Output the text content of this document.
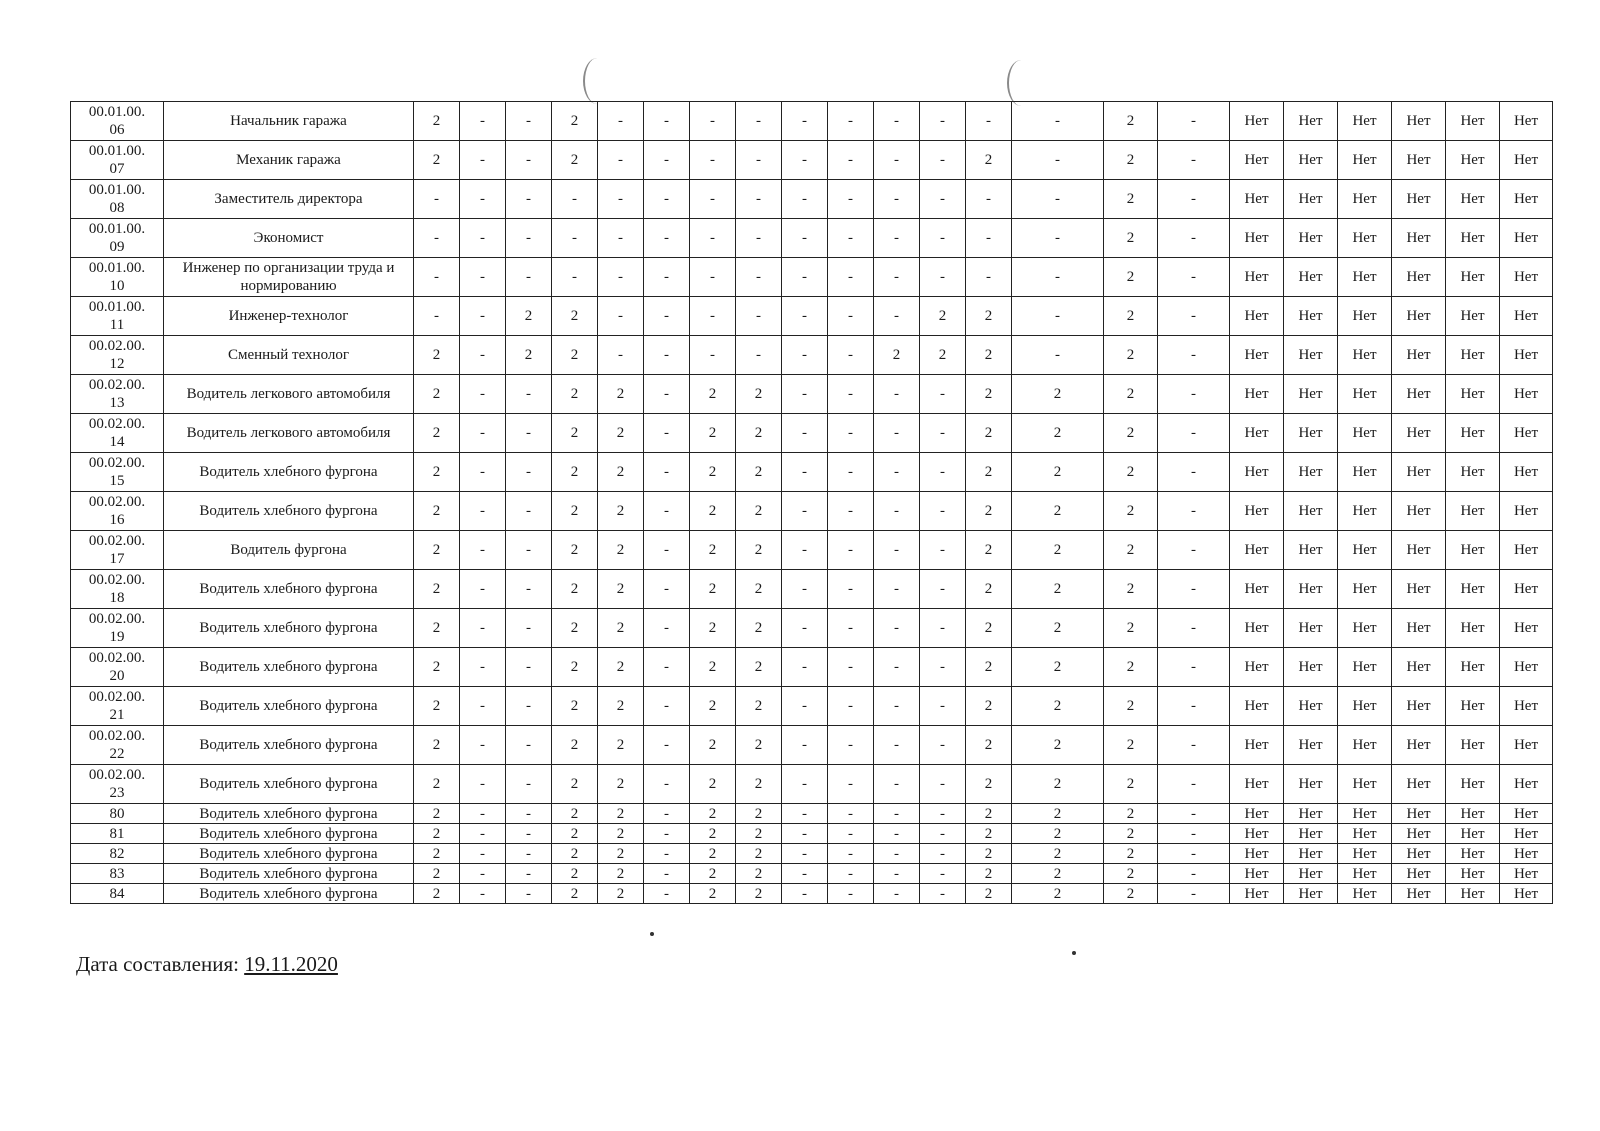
00.01.00.
06	Начальник гаража	2	-	-	2	-	-	-	-	-	-	-	-	-	-	2	-	Нет	Нет	Нет	Нет	Нет	Нет
00.01.00.
07	Механик гаража	2	-	-	2	-	-	-	-	-	-	-	-	2	-	2	-	Нет	Нет	Нет	Нет	Нет	Нет
00.01.00.
08	Заместитель директора	-	-	-	-	-	-	-	-	-	-	-	-	-	-	2	-	Нет	Нет	Нет	Нет	Нет	Нет
00.01.00.
09	Экономист	-	-	-	-	-	-	-	-	-	-	-	-	-	-	2	-	Нет	Нет	Нет	Нет	Нет	Нет
00.01.00.
10	Инженер по организации труда и нормированию	-	-	-	-	-	-	-	-	-	-	-	-	-	-	2	-	Нет	Нет	Нет	Нет	Нет	Нет
00.01.00.
11	Инженер-технолог	-	-	2	2	-	-	-	-	-	-	-	2	2	-	2	-	Нет	Нет	Нет	Нет	Нет	Нет
00.02.00.
12	Сменный технолог	2	-	2	2	-	-	-	-	-	-	2	2	2	-	2	-	Нет	Нет	Нет	Нет	Нет	Нет
00.02.00.
13	Водитель легкового автомобиля	2	-	-	2	2	-	2	2	-	-	-	-	2	2	2	-	Нет	Нет	Нет	Нет	Нет	Нет
00.02.00.
14	Водитель легкового автомобиля	2	-	-	2	2	-	2	2	-	-	-	-	2	2	2	-	Нет	Нет	Нет	Нет	Нет	Нет
00.02.00.
15	Водитель хлебного фургона	2	-	-	2	2	-	2	2	-	-	-	-	2	2	2	-	Нет	Нет	Нет	Нет	Нет	Нет
00.02.00.
16	Водитель хлебного фургона	2	-	-	2	2	-	2	2	-	-	-	-	2	2	2	-	Нет	Нет	Нет	Нет	Нет	Нет
00.02.00.
17	Водитель фургона	2	-	-	2	2	-	2	2	-	-	-	-	2	2	2	-	Нет	Нет	Нет	Нет	Нет	Нет
00.02.00.
18	Водитель хлебного фургона	2	-	-	2	2	-	2	2	-	-	-	-	2	2	2	-	Нет	Нет	Нет	Нет	Нет	Нет
00.02.00.
19	Водитель хлебного фургона	2	-	-	2	2	-	2	2	-	-	-	-	2	2	2	-	Нет	Нет	Нет	Нет	Нет	Нет
00.02.00.
20	Водитель хлебного фургона	2	-	-	2	2	-	2	2	-	-	-	-	2	2	2	-	Нет	Нет	Нет	Нет	Нет	Нет
00.02.00.
21	Водитель хлебного фургона	2	-	-	2	2	-	2	2	-	-	-	-	2	2	2	-	Нет	Нет	Нет	Нет	Нет	Нет
00.02.00.
22	Водитель хлебного фургона	2	-	-	2	2	-	2	2	-	-	-	-	2	2	2	-	Нет	Нет	Нет	Нет	Нет	Нет
00.02.00.
23	Водитель хлебного фургона	2	-	-	2	2	-	2	2	-	-	-	-	2	2	2	-	Нет	Нет	Нет	Нет	Нет	Нет
80	Водитель хлебного фургона	2	-	-	2	2	-	2	2	-	-	-	-	2	2	2	-	Нет	Нет	Нет	Нет	Нет	Нет
81	Водитель хлебного фургона	2	-	-	2	2	-	2	2	-	-	-	-	2	2	2	-	Нет	Нет	Нет	Нет	Нет	Нет
82	Водитель хлебного фургона	2	-	-	2	2	-	2	2	-	-	-	-	2	2	2	-	Нет	Нет	Нет	Нет	Нет	Нет
83	Водитель хлебного фургона	2	-	-	2	2	-	2	2	-	-	-	-	2	2	2	-	Нет	Нет	Нет	Нет	Нет	Нет
84	Водитель хлебного фургона	2	-	-	2	2	-	2	2	-	-	-	-	2	2	2	-	Нет	Нет	Нет	Нет	Нет	Нет
Дата составления: 19.11.2020
